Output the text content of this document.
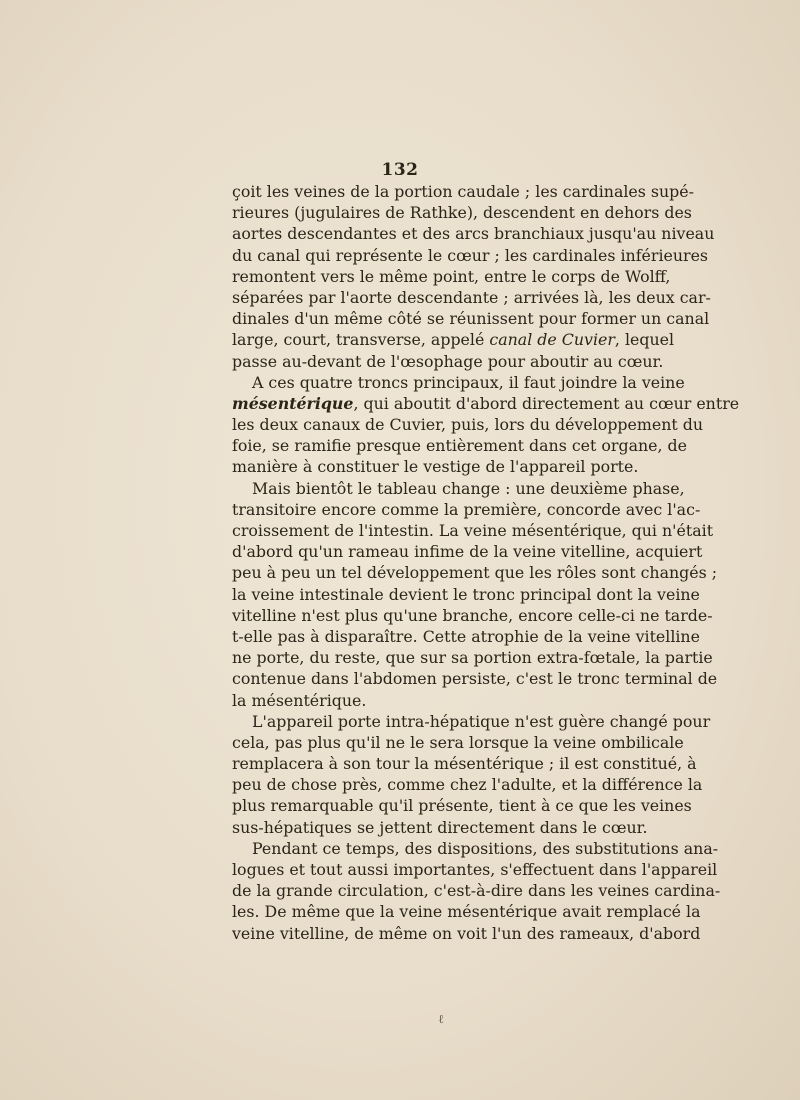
132
çoit les veines de la portion caudale ; les cardinales supé-
rieures (jugulaires de Rathke), descendent en dehors des
aortes descendantes et des arcs branchiaux jusqu'au niveau
du canal qui représente le cœur ; les cardinales inférieures
remontent vers le même point, entre le corps de Wolff,
séparées par l'aorte descendante ; arrivées là, les deux car-
dinales d'un même côté se réunissent pour former un canal
large, court, transverse, appelé canal de Cuvier, lequel
passe au-devant de l'œsophage pour aboutir au cœur.
A ces quatre troncs principaux, il faut joindre la veine
mésentérique, qui aboutit d'abord directement au cœur entre
les deux canaux de Cuvier, puis, lors du développement du
foie, se ramifie presque entièrement dans cet organe, de
manière à constituer le vestige de l'appareil porte.
Mais bientôt le tableau change : une deuxième phase,
transitoire encore comme la première, concorde avec l'ac-
croissement de l'intestin. La veine mésentérique, qui n'était
d'abord qu'un rameau infime de la veine vitelline, acquiert
peu à peu un tel développement que les rôles sont changés ;
la veine intestinale devient le tronc principal dont la veine
vitelline n'est plus qu'une branche, encore celle-ci ne tarde-
t-elle pas à disparaître. Cette atrophie de la veine vitelline
ne porte, du reste, que sur sa portion extra-fœtale, la partie
contenue dans l'abdomen persiste, c'est le tronc terminal de
la mésentérique.
L'appareil porte intra-hépatique n'est guère changé pour
cela, pas plus qu'il ne le sera lorsque la veine ombilicale
remplacera à son tour la mésentérique ; il est constitué, à
peu de chose près, comme chez l'adulte, et la différence la
plus remarquable qu'il présente, tient à ce que les veines
sus-hépatiques se jettent directement dans le cœur.
Pendant ce temps, des dispositions, des substitutions ana-
logues et tout aussi importantes, s'effectuent dans l'appareil
de la grande circulation, c'est-à-dire dans les veines cardina-
les. De même que la veine mésentérique avait remplacé la
veine vitelline, de même on voit l'un des rameaux, d'abord
ℓ
